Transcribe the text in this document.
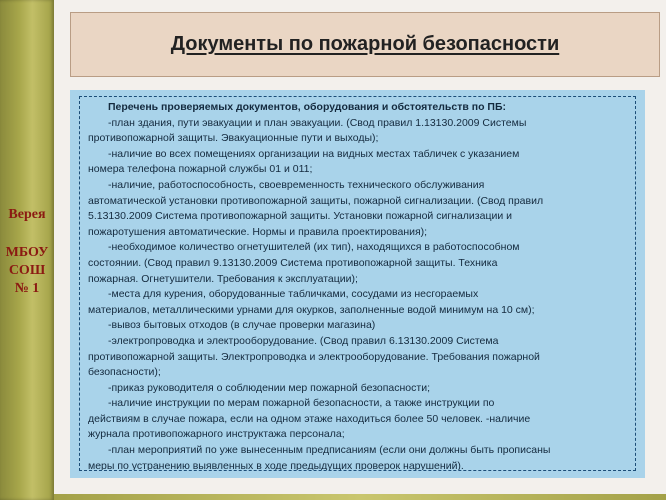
Верея
МБОУ
СОШ
№ 1
Документы по пожарной безопасности
Перечень проверяемых документов, оборудования и обстоятельств по ПБ:
-план здания, пути эвакуации и план эвакуации. (Свод правил 1.13130.2009 Системы
противопожарной защиты. Эвакуационные пути и выходы);
-наличие во всех помещениях организации на видных местах табличек с указанием
номера телефона пожарной службы 01 и 011;
-наличие, работоспособность, своевременность технического обслуживания
автоматической установки противопожарной защиты, пожарной сигнализации. (Свод правил
5.13130.2009 Система противопожарной защиты. Установки пожарной сигнализации и
пожаротушения автоматические. Нормы и правила проектирования);
-необходимое количество огнетушителей (их тип), находящихся в работоспособном
состоянии. (Свод правил 9.13130.2009 Система противопожарной защиты. Техника
пожарная. Огнетушители. Требования к эксплуатации);
-места для курения, оборудованные табличками, сосудами из несгораемых
материалов, металлическими урнами для окурков, заполненные водой минимум на 10 см);
-вывоз бытовых отходов (в случае проверки магазина)
-электропроводка и электрооборудование. (Свод правил 6.13130.2009 Система
противопожарной защиты. Электропроводка и электрооборудование. Требования пожарной
безопасности);
-приказ руководителя о соблюдении мер пожарной безопасности;
-наличие инструкции по мерам пожарной безопасности, а также инструкции по
действиям в случае пожара, если на одном этаже находиться более 50 человек. -наличие
журнала противопожарного инструктажа персонала;
-план мероприятий по уже вынесенным предписаниям (если они должны быть прописаны
меры по устранению выявленных в ходе предыдущих проверок нарушений).
